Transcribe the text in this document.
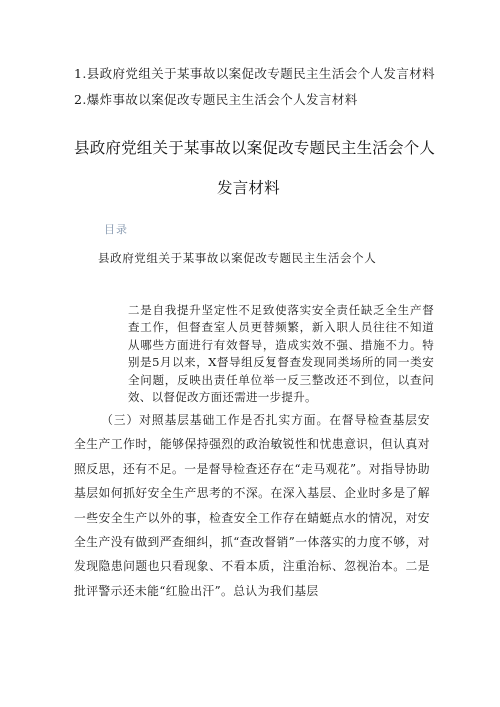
1.县政府党组关于某事故以案促改专题民主生活会个人发言材料
2.爆炸事故以案促改专题民主生活会个人发言材料
县政府党组关于某事故以案促改专题民主生活会个人
发言材料
目录
县政府党组关于某事故以案促改专题民主生活会个人
二是自我提升坚定性不足致使落实安全责任缺乏全生产督查工作，但督查室人员更替频繁，新入职人员往往不知道从哪些方面进行有效督导，造成实效不强、措施不力。特别是5月以来，X督导组反复督查发现同类场所的同一类安全问题，反映出责任单位举一反三整改还不到位，以查问效、以督促改方面还需进一步提升。
（三）对照基层基础工作是否扎实方面。在督导检查基层安全生产工作时，能够保持强烈的政治敏锐性和忧患意识，但认真对照反思，还有不足。一是督导检查还存在“走马观花”。对指导协助基层如何抓好安全生产思考的不深。在深入基层、企业时多是了解一些安全生产以外的事，检查安全工作存在蜻蜓点水的情况，对安全生产没有做到严查细纠，抓“查改督销”一体落实的力度不够，对发现隐患问题也只看现象、不看本质，注重治标、忽视治本。二是批评警示还未能“红脸出汗”。总认为我们基层
